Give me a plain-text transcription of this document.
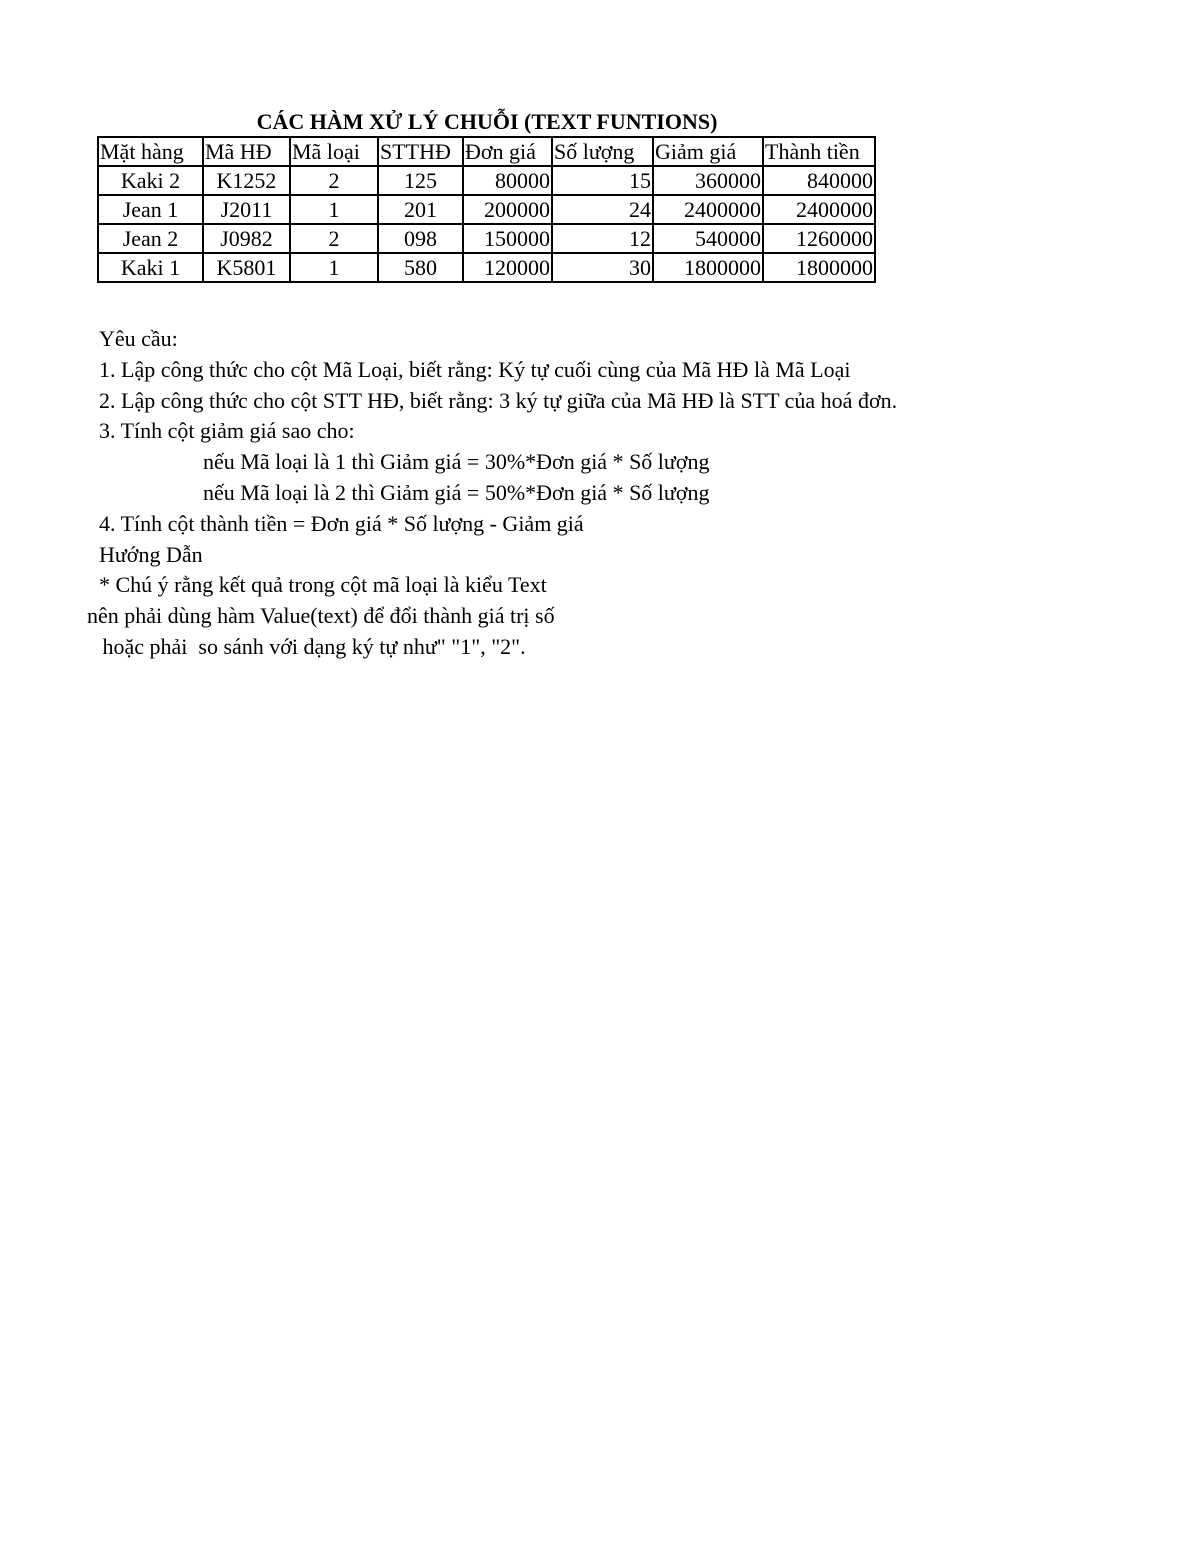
CÁC HÀM XỬ LÝ CHUỖI (TEXT FUNTIONS)
Mặt hàng	Mã HĐ	Mã loại	STTHĐ	Đơn giá	Số lượng	Giảm giá	Thành tiền
Kaki 2	K1252	2	125	80000	15	360000	840000
Jean 1	J2011	1	201	200000	24	2400000	2400000
Jean 2	J0982	2	098	150000	12	540000	1260000
Kaki 1	K5801	1	580	120000	30	1800000	1800000
Yêu cầu:
1. Lập công thức cho cột Mã Loại, biết rằng: Ký tự cuối cùng của Mã HĐ là Mã Loại
2. Lập công thức cho cột STT HĐ, biết rằng: 3 ký tự giữa của Mã HĐ là STT của hoá đơn.
3. Tính cột giảm giá sao cho:
nếu Mã loại là 1 thì Giảm giá = 30%*Đơn giá * Số lượng
nếu Mã loại là 2 thì Giảm giá = 50%*Đơn giá * Số lượng
4. Tính cột thành tiền = Đơn giá * Số lượng - Giảm giá
Hướng Dẫn
* Chú ý rằng kết quả trong cột mã loại là kiểu Text
nên phải dùng hàm Value(text) để đổi thành giá trị số
hoặc phải  so sánh với dạng ký tự như" "1", "2".
